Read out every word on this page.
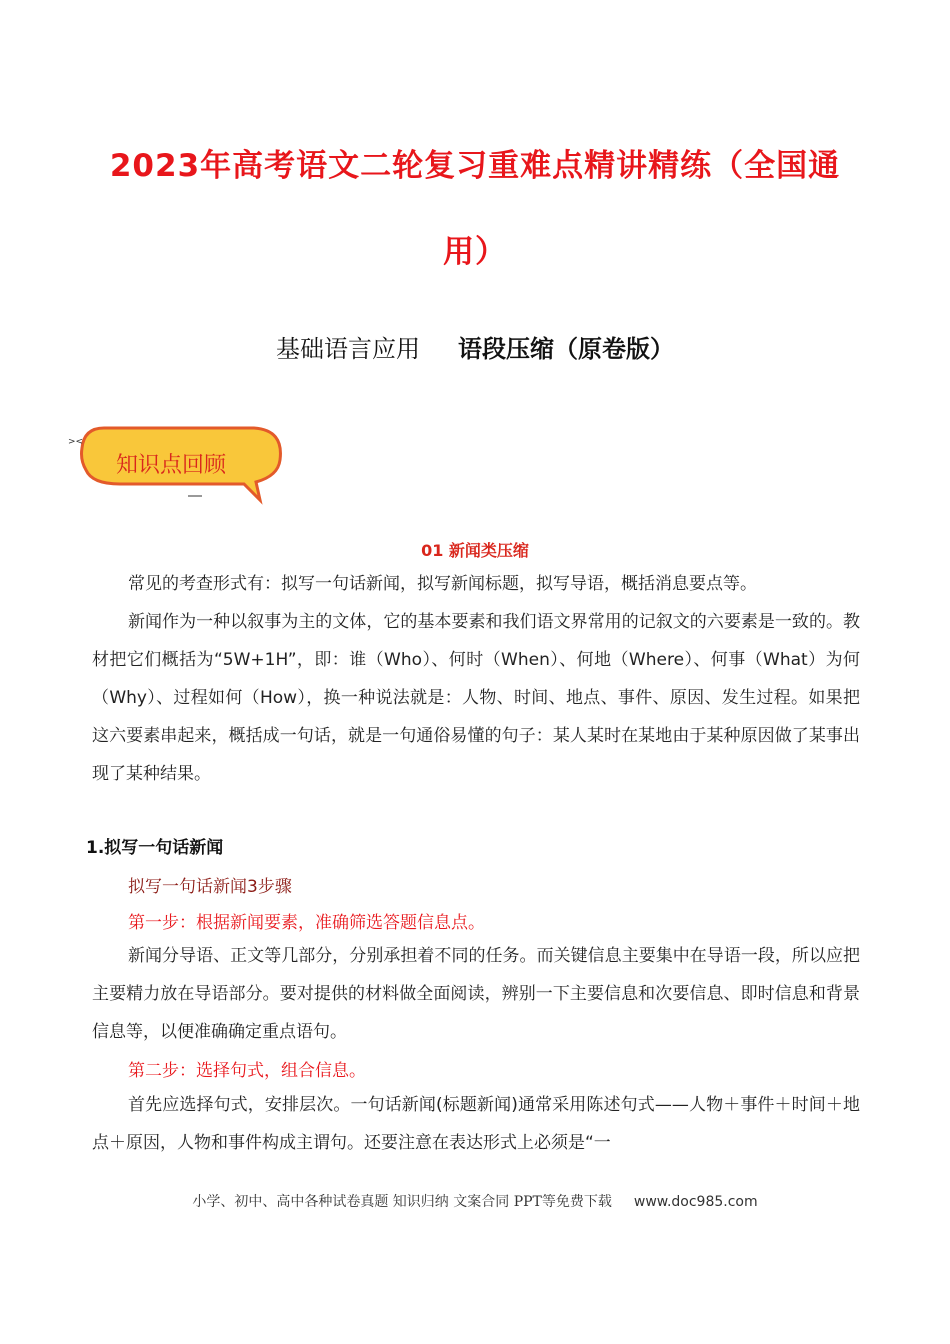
2023年高考语文二轮复习重难点精讲精练（全国通
用）
基础语言应用 语段压缩（原卷版）
><
知识点回顾
01 新闻类压缩

常见的考查形式有：拟写一句话新闻，拟写新闻标题，拟写导语，概括消息要点等。

新闻作为一种以叙事为主的文体，它的基本要素和我们语文界常用的记叙文的六要素是一致的。教材把它们概括为“5W+1H”，即：谁（Who）、何时（When）、何地（Where）、何事（What）为何（Why）、过程如何（How），换一种说法就是：人物、时间、地点、事件、原因、发生过程。如果把这六要素串起来，概括成一句话，就是一句通俗易懂的句子：某人某时在某地由于某种原因做了某事出现了某种结果。

1.拟写一句话新闻
拟写一句话新闻3步骤
第一步：根据新闻要素，准确筛选答题信息点。

新闻分导语、正文等几部分，分别承担着不同的任务。而关键信息主要集中在导语一段，所以应把主要精力放在导语部分。要对提供的材料做全面阅读，辨别一下主要信息和次要信息、即时信息和背景信息等，以便准确确定重点语句。

第二步：选择句式，组合信息。

首先应选择句式，安排层次。一句话新闻(标题新闻)通常采用陈述句式——人物＋事件＋时间＋地点＋原因，人物和事件构成主谓句。还要注意在表达形式上必须是“一

小学、初中、高中各种试卷真题 知识归纳 文案合同 PPT等免费下载 www.doc985.com
